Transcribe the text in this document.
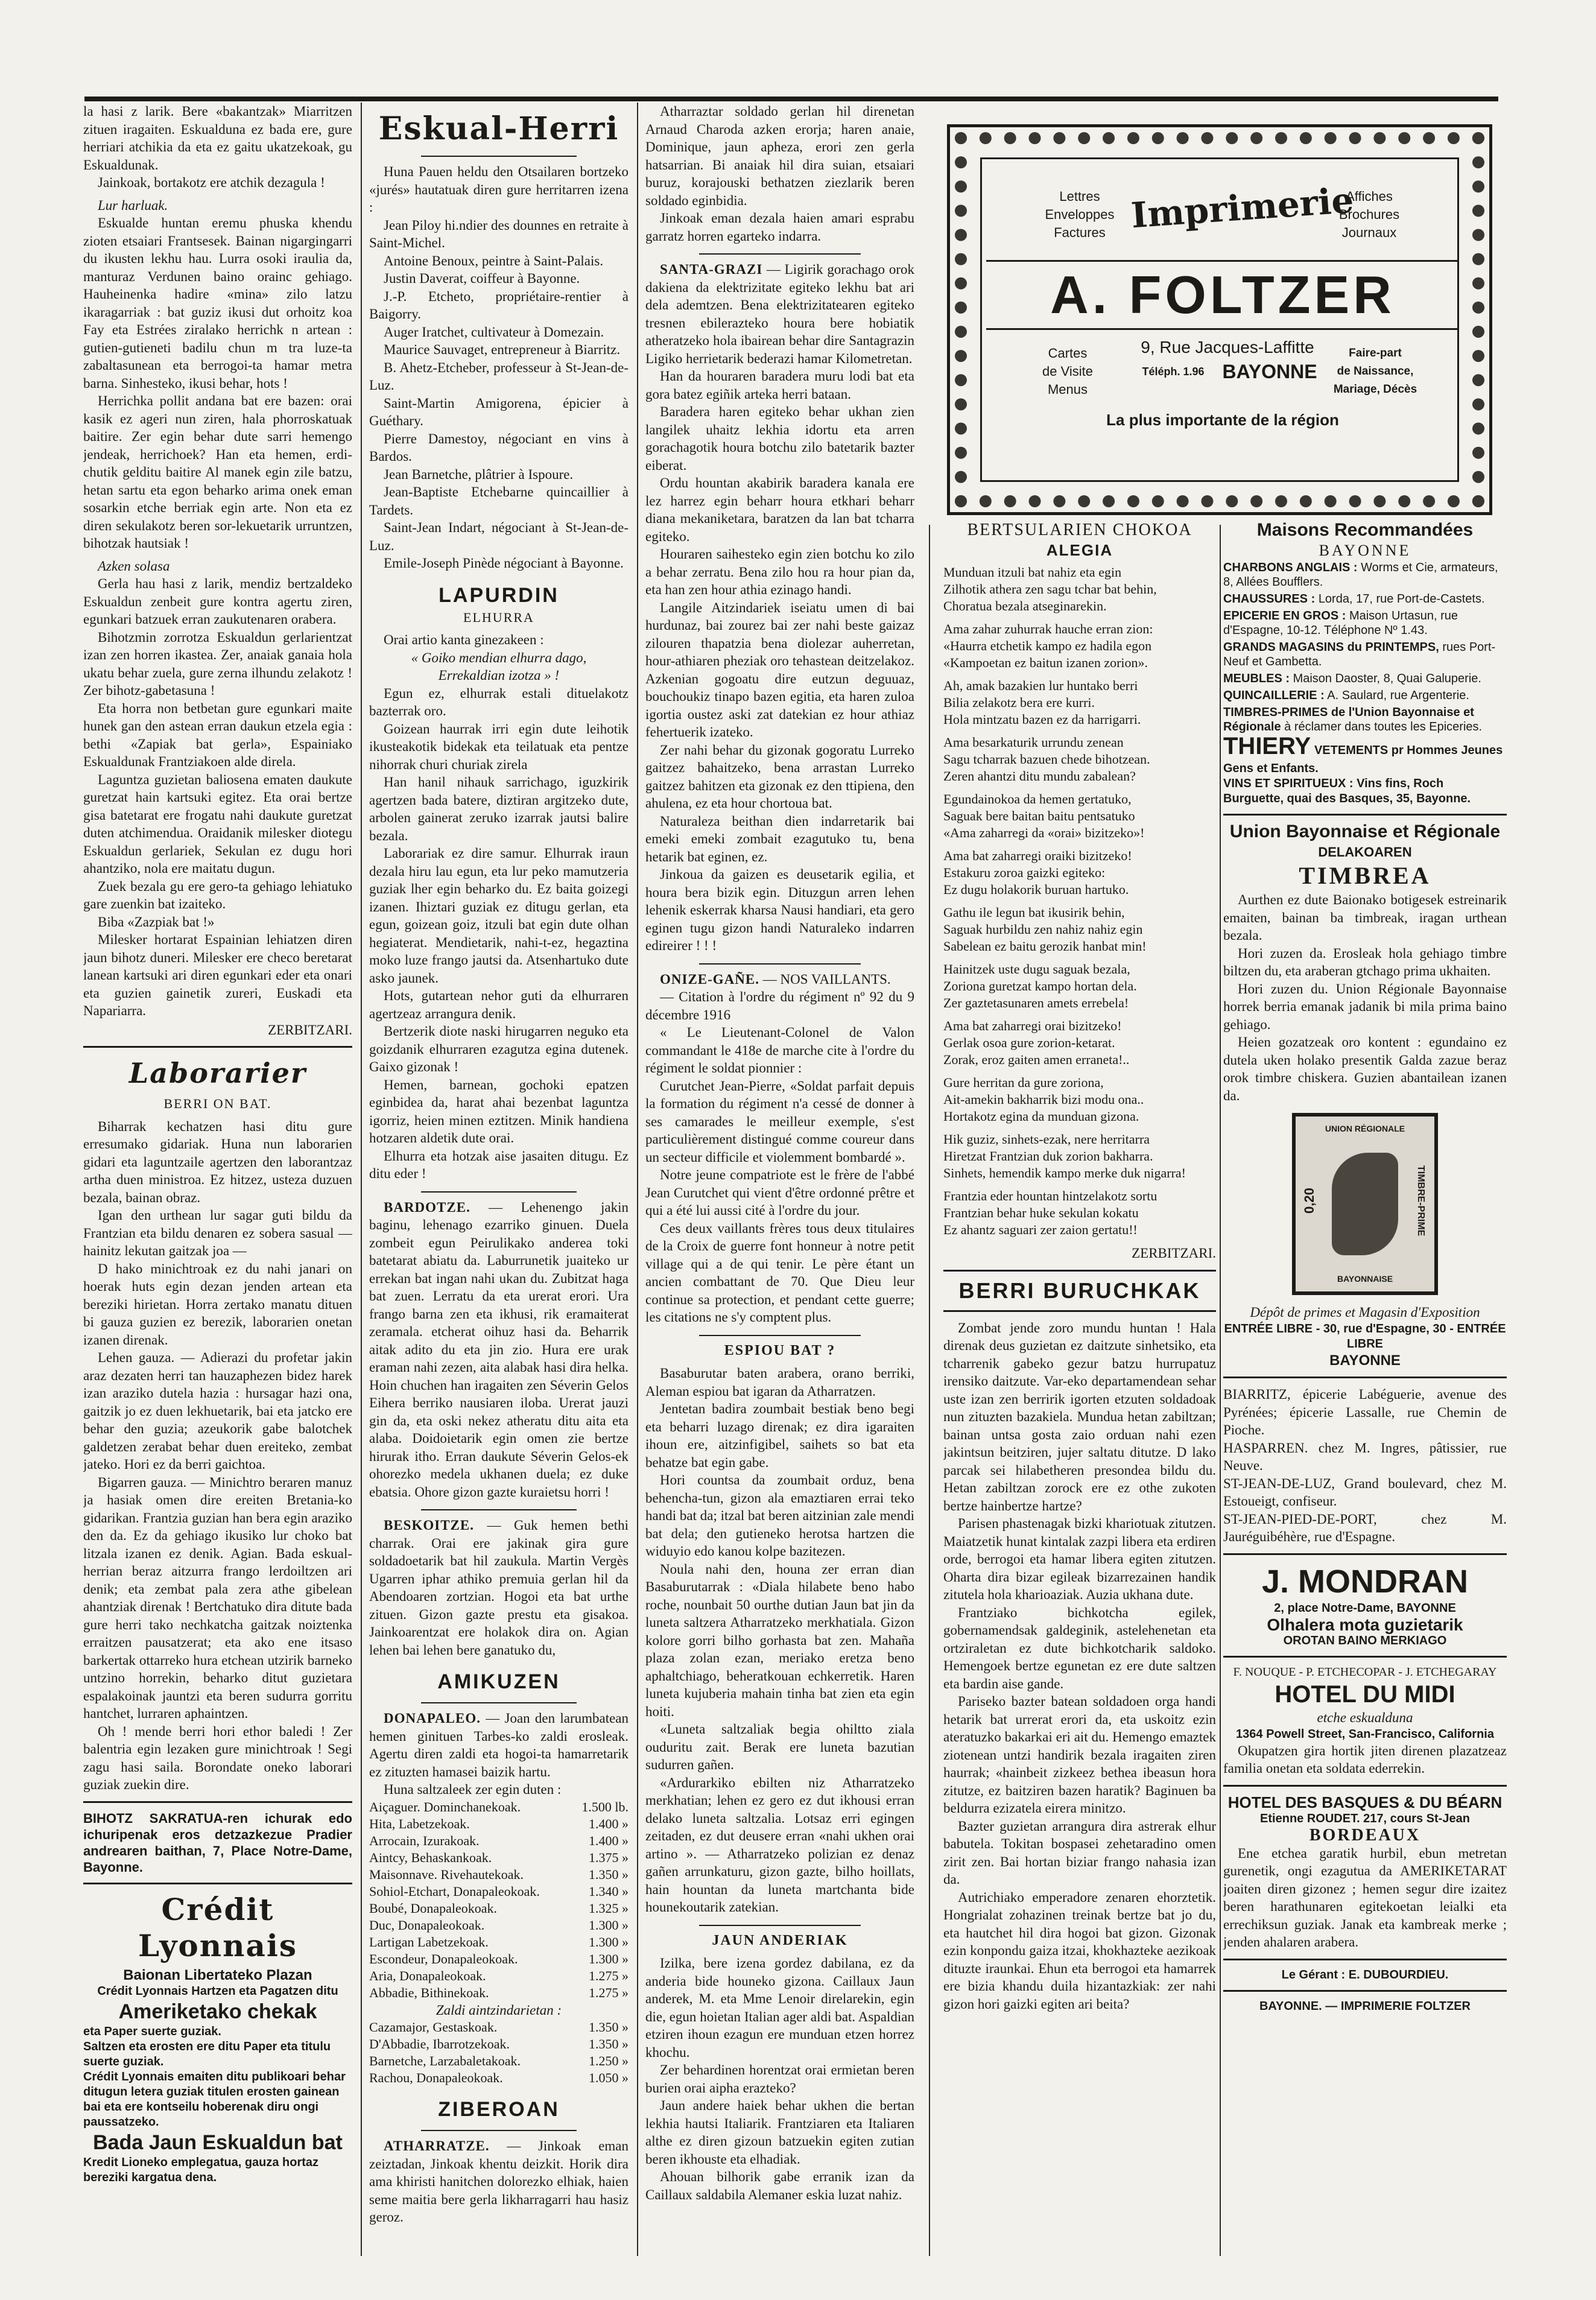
la hasi z larik. Bere «bakantzak» Miarritzen zituen iragaiten. Eskualduna ez bada ere, gure herriari atchikia da eta ez gaitu ukatzekoak, gu Eskualdunak.

Jainkoak, bortakotz ere atchik dezagula !

Lur harluak.

Eskualde huntan eremu phuska khendu zioten etsaiari Frantsesek. Bainan nigargingarri du ikusten lekhu hau. Lurra osoki iraulia da, manturaz Verdunen baino orainc gehiago. Hauheinenka hadire «mina» zilo latzu ikaragarriak : bat guziz ikusi dut orhoitz koa Fay eta Estrées ziralako herrichk n artean : gutien-gutieneti badilu chun m tra luze-ta zabaltasunean eta berrogoi-ta hamar metra barna. Sinhesteko, ikusi behar, hots !

Herrichka pollit andana bat ere bazen: orai kasik ez ageri nun ziren, hala phorroskatuak baitire. Zer egin behar dute sarri hemengo jendeak, herrichoek? Han eta hemen, erdi-chutik gelditu baitire Al manek egin zile batzu, hetan sartu eta egon beharko arima onek eman sosarkin etche berriak egin arte. Non eta ez diren sekulakotz beren sor-lekuetarik urruntzen, bihotzak hautsiak !

Azken solasa

Gerla hau hasi z larik, mendiz bertzaldeko Eskualdun zenbeit gure kontra agertu ziren, egunkari batzuek erran zaukutenaren orabera.

Bihotzmin zorrotza Eskualdun gerlarientzat izan zen horren ikastea. Zer, anaiak ganaia hola ukatu behar zuela, gure zerna ilhundu zelakotz ! Zer bihotz-gabetasuna !

Eta horra non betbetan gure egunkari maite hunek gan den astean erran daukun etzela egia : bethi «Zapiak bat gerla», Espainiako Eskualdunak Frantziakoen alde direla.

Laguntza guzietan baliosena ematen daukute guretzat hain kartsuki egitez. Eta orai bertze gisa batetarat ere frogatu nahi daukute guretzat duten atchimendua. Oraidanik milesker diotegu Eskualdun gerlariek, Sekulan ez dugu hori ahantziko, nola ere maitatu dugun.

Zuek bezala gu ere gero-ta gehiago lehiatuko gare zuenkin bat izaiteko.

Biba «Zazpiak bat !»

Milesker hortarat Espainian lehiatzen diren jaun bihotz duneri. Milesker ere checo beretarat lanean kartsuki ari diren egunkari eder eta onari eta guzien gainetik zureri, Euskadi eta Napariarra.

ZERBITZARI.

Laborarier
BERRI ON BAT.

Biharrak kechatzen hasi ditu gure erresumako gidariak. Huna nun laborarien gidari eta laguntzaile agertzen den laborantzaz artha duen ministroa. Ez hitzez, usteza duzuen bezala, bainan obraz.

Igan den urthean lur sagar guti bildu da Frantzian eta bildu denaren ez sobera sasual — hainitz lekutan gaitzak joa —

D hako minichtroak ez du nahi janari on hoerak huts egin dezan jenden artean eta bereziki hirietan. Horra zertako manatu dituen bi gauza guzien ez berezik, laborarien onetan izanen direnak.

Lehen gauza. — Adierazi du profetar jakin araz dezaten herri tan hauzaphezen bidez harek izan araziko dutela hazia : hursagar hazi ona, gaitzik jo ez duen lekhuetarik, bai eta jatcko ere behar den guzia; azeukorik gabe balotchek galdetzen zerabat behar duen ereiteko, zembat jateko. Hori ez da berri gaichtoa.

Bigarren gauza. — Minichtro beraren manuz ja hasiak omen dire ereiten Bretania-ko gidarikan. Frantzia guzian han bera egin araziko den da. Ez da gehiago ikusiko lur choko bat litzala izanen ez denik. Agian. Bada eskual-herrian beraz aitzurra frango lerdoiltzen ari denik; eta zembat pala zera athe gibelean ahantziak direnak ! Bertchatuko dira ditute bada gure herri tako nechkatcha gaitzak noiztenka erraitzen pausatzerat; eta ako ene itsaso barkertak ottarreko hura etchean utzirik barneko untzino horrekin, beharko ditut guzietara espalakoinak jauntzi eta beren sudurra gorritu hantchet, lurraren aphaintzen.

Oh ! mende berri hori ethor baledi ! Zer balentria egin lezaken gure minichtroak ! Segi zagu hasi saila. Borondate oneko laborari guziak zuekin dire.

BIHOTZ SAKRATUA-ren ichurak edo ichuripenak eros detzazkezue Pradier andrearen baithan, 7, Place Notre-Dame, Bayonne.

Crédit Lyonnais
Baionan Libertateko Plazan
Crédit Lyonnais Hartzen eta Pagatzen ditu
Ameriketako chekak
eta Paper suerte guziak.
Saltzen eta erosten ere ditu Paper eta titulu suerte guziak.
Crédit Lyonnais emaiten ditu publikoari behar ditugun letera guziak titulen erosten gainean bai eta ere kontseilu hoberenak diru ongi paussatzeko.
Bada Jaun Eskualdun bat
Kredit Lioneko emplegatua, gauza hortaz bereziki kargatua dena.
Eskual-Herri

Huna Pauen heldu den Otsailaren bortzeko «jurés» hautatuak diren gure herritarren izena :

Jean Piloy hi.ndier des dounnes en retraite à Saint-Michel.

Antoine Benoux, peintre à Saint-Palais.

Justin Daverat, coiffeur à Bayonne.

J.-P. Etcheto, propriétaire-rentier à Baigorry.

Auger Iratchet, cultivateur à Domezain.

Maurice Sauvaget, entrepreneur à Biarritz.

B. Ahetz-Etcheber, professeur à St-Jean-de-Luz.

Saint-Martin Amigorena, épicier à Guéthary.

Pierre Damestoy, négociant en vins à Bardos.

Jean Barnetche, plâtrier à Ispoure.

Jean-Baptiste Etchebarne quincaillier à Tardets.

Saint-Jean Indart, négociant à St-Jean-de-Luz.

Emile-Joseph Pinède négociant à Bayonne.

LAPURDIN
ELHURRA

Orai artio kanta ginezakeen :

« Goiko mendian elhurra dago,

Errekaldian izotza » !

Egun ez, elhurrak estali dituelakotz bazterrak oro.

Goizean haurrak irri egin dute leihotik ikusteakotik bidekak eta teilatuak eta pentze nihorrak churi churiak zirela

Han hanil nihauk sarrichago, iguzkirik agertzen bada batere, diztiran argitzeko dute, arbolen gainerat zeruko izarrak jautsi balire bezala.

Laborariak ez dire samur. Elhurrak iraun dezala hiru lau egun, eta lur peko mamutzeria guziak lher egin beharko du. Ez baita goizegi izanen. Ihiztari guziak ez ditugu gerlan, eta egun, goizean goiz, itzuli bat egin dute olhan hegiaterat. Mendietarik, nahi-t-ez, hegaztina moko luze frango jautsi da. Atsenhartuko dute asko jaunek.

Hots, gutartean nehor guti da elhurraren agertzeaz arrangura denik.

Bertzerik diote naski hirugarren neguko eta goizdanik elhurraren ezagutza egina dutenek. Gaixo gizonak !

Hemen, barnean, gochoki epatzen eginbidea da, harat ahai bezenbat laguntza igorriz, heien minen eztitzen. Minik handiena hotzaren aldetik dute orai.

Elhurra eta hotzak aise jasaiten ditugu. Ez ditu eder !

BARDOTZE. — Lehenengo jakin baginu, lehenago ezarriko ginuen. Duela zombeit egun Peirulikako anderea toki batetarat abiatu da. Laburrunetik juaiteko ur errekan bat ingan nahi ukan du. Zubitzat haga bat zuen. Lerratu da eta urerat erori. Ura frango barna zen eta ikhusi, rik eramaiterat zeramala. etcherat oihuz hasi da. Beharrik aitak adito du eta jin zio. Hura ere urak eraman nahi zezen, aita alabak hasi dira helka. Hoin chuchen han iragaiten zen Séverin Gelos Eihera berriko nausiaren iloba. Urerat jauzi gin da, eta oski nekez atheratu ditu aita eta alaba. Doidoietarik egin omen zie bertze hirurak itho. Erran daukute Séverin Gelos-ek ohorezko medela ukhanen duela; ez duke ebatsia. Ohore gizon gazte kuraietsu horri !

BESKOITZE. — Guk hemen bethi charrak. Orai ere jakinak gira gure soldadoetarik bat hil zaukula. Martin Vergès Ugarren iphar athiko premuia gerlan hil da Abendoaren zortzian. Hogoi eta bat urthe zituen. Gizon gazte prestu eta gisakoa. Jainkoarentzat ere holakok dira on. Agian lehen bai lehen bere ganatuko du,

AMIKUZEN

DONAPALEO. — Joan den larumbatean hemen ginituen Tarbes-ko zaldi erosleak. Agertu diren zaldi eta hogoi-ta hamarretarik ez zituzten hamasei baizik hartu.

Huna saltzaleek zer egin duten :

Aiçaguer. Dominchanekoak.	1.500 lb.
Hita, Labetzekoak.	1.400 »
Arrocain, Izurakoak.	1.400 »
Aintcy, Behaskankoak.	1.375 »
Maisonnave. Rivehautekoak.	1.350 »
Sohiol-Etchart, Donapaleokoak.	1.340 »
Boubé, Donapaleokoak.	1.325 »
Duc, Donapaleokoak.	1.300 »
Lartigan Labetzekoak.	1.300 »
Escondeur, Donapaleokoak.	1.300 »
Aria, Donapaleokoak.	1.275 »
Abbadie, Bithinekoak.	1.275 »

Zaldi aintzindarietan :

Cazamajor, Gestaskoak.	1.350 »
D'Abbadie, Ibarrotzekoak.	1.350 »
Barnetche, Larzabaletakoak.	1.250 »
Rachou, Donapaleokoak.	1.050 »
ZIBEROAN

ATHARRATZE. — Jinkoak eman zeiztadan, Jinkoak khentu deizkit. Horik dira ama khiristi hanitchen dolorezko elhiak, haien seme maitia bere gerla likharragarri hau hasiz geroz.

Atharraztar soldado gerlan hil direnetan Arnaud Charoda azken erorja; haren anaie, Dominique, jaun apheza, erori zen gerla hatsarrian. Bi anaiak hil dira suian, etsaiari buruz, korajouski bethatzen ziezlarik beren soldado eginbidia.

Jinkoak eman dezala haien amari esprabu garratz horren egarteko indarra.

SANTA-GRAZI — Ligirik gorachago orok dakiena da elektrizitate egiteko lekhu bat ari dela ademtzen. Bena elektrizitatearen egiteko tresnen ebilerazteko houra bere hobiatik atheratzeko hola ibairean behar dire Santagrazin Ligiko herrietarik bederazi hamar Kilometretan.

Han da houraren baradera muru lodi bat eta gora batez egiñik arteka herri bataan.

Baradera haren egiteko behar ukhan zien langilek uhaitz lekhia idortu eta arren gorachagotik houra botchu zilo batetarik bazter eiberat.

Ordu hountan akabirik baradera kanala ere lez harrez egin beharr houra etkhari beharr diana mekaniketara, baratzen da lan bat tcharra egiteko.

Houraren saihesteko egin zien botchu ko zilo a behar zerratu. Bena zilo hou ra hour pian da, eta han zen hour athia ezinago handi.

Langile Aitzindariek iseiatu umen di bai hurdunaz, bai zourez bai zer nahi beste gaizaz zilouren thapatzia bena diolezar auherretan, hour-athiaren pheziak oro tehastean deitzelakoz. Azkenian gogoatu dire eutzun deguuaz, bouchoukiz tinapo bazen egitia, eta haren zuloa igortia oustez aski zat datekian ez hour athiaz fehertuerik izateko.

Zer nahi behar du gizonak gogoratu Lurreko gaitzez bahaitzeko, bena arrastan Lurreko gaitzez bahitzen eta gizonak ez den ttipiena, den ahulena, ez eta hour chortoua bat.

Naturaleza beithan dien indarretarik bai emeki emeki zombait ezagutuko tu, bena hetarik bat eginen, ez.

Jinkoua da gaizen es deusetarik egilia, et houra bera bizik egin. Dituzgun arren lehen lehenik eskerrak kharsa Nausi handiari, eta gero eginen tugu gizon handi Naturaleko indarren edireirer ! ! !

ONIZE-GAÑE. — NOS VAILLANTS.

— Citation à l'ordre du régiment nº 92 du 9 décembre 1916

« Le Lieutenant-Colonel de Valon commandant le 418e de marche cite à l'ordre du régiment le soldat pionnier :

Curutchet Jean-Pierre, «Soldat parfait depuis la formation du régiment n'a cessé de donner à ses camarades le meilleur exemple, s'est particulièrement distingué comme coureur dans un secteur difficile et violemment bombardé ».

Notre jeune compatriote est le frère de l'abbé Jean Curutchet qui vient d'être ordonné prêtre et qui a été lui aussi cité à l'ordre du jour.

Ces deux vaillants frères tous deux titulaires de la Croix de guerre font honneur à notre petit village qui a de qui tenir. Le père étant un ancien combattant de 70. Que Dieu leur continue sa protection, et pendant cette guerre; les citations ne s'y comptent plus.

ESPIOU BAT ?

Basaburutar baten arabera, orano berriki, Aleman espiou bat igaran da Atharratzen.

Jentetan badira zoumbait bestiak beno begi eta beharri luzago direnak; ez dira igaraiten ihoun ere, aitzinfigibel, saihets so bat eta behatze bat egin gabe.

Hori countsa da zoumbait orduz, bena behencha-tun, gizon ala emaztiaren errai teko handi bat da; itzal bat beren aitzinian zale mendi bat dela; den gutieneko herotsa hartzen die widuyio edo kanou kolpe bazitezen.

Noula nahi den, houna zer erran dian Basaburutarrak : «Diala hilabete beno habo roche, nounbait 50 ourthe dutian Jaun bat jin da luneta saltzera Atharratzeko merkhatiala. Gizon kolore gorri bilho gorhasta bat zen. Mahaña plaza zolan ezan, meriako eretza beno aphaltchiago, beheratkouan echkerretik. Haren luneta kujuberia mahain tinha bat zien eta egin hoiti.

«Luneta saltzaliak begia ohiltto ziala ouduritu zait. Berak ere luneta bazutian sudurren gañen.

«Ardurarkiko ebilten niz Atharratzeko merkhatian; lehen ez gero ez dut ikhousi erran delako luneta saltzalia. Lotsaz erri egingen zeitaden, ez dut deusere erran «nahi ukhen orai artino ». — Atharratzeko polizian ez denaz gañen arrunkaturu, gizon gazte, bilho hoillats, hain hountan da luneta martchanta bide hounekoutarik zatekian.

JAUN ANDERIAK

Izilka, bere izena gordez dabilana, ez da anderia bide houneko gizona. Caillaux Jaun anderek, M. eta Mme Lenoir direlarekin, egin die, egun hoietan Italian ager aldi bat. Aspaldian etziren ihoun ezagun ere munduan etzen horrez khochu.

Zer behardinen horentzat orai ermietan beren burien orai aipha erazteko?

Jaun andere haiek behar ukhen die bertan lekhia hautsi Italiarik. Frantziaren eta Italiaren althe ez diren gizoun batzuekin egiten zutian beren ikhouste eta elhadiak.

Ahouan bilhorik gabe erranik izan da Caillaux saldabila Alemaner eskia luzat nahiz.

Lettres
Enveloppes
Factures Imprimerie
Affiches
Brochures
Journaux
A. FOLTZER
Cartes
de Visite
Menus
9, Rue Jacques-Laffitte
Téléph. 1.96 BAYONNE
Faire-part
de Naissance,
Mariage, Décès
La plus importante de la région
BERTSULARIEN CHOKOA
ALEGIA

Munduan itzuli bat nahiz eta egin
Zilhotik athera zen sagu tchar bat behin,
Choratua bezala atseginarekin.

Ama zahar zuhurrak hauche erran zion:
«Haurra etchetik kampo ez hadila egon
«Kampoetan ez baitun izanen zorion».

Ah, amak bazakien lur huntako berri
Bilia zelakotz bera ere kurri.
Hola mintzatu bazen ez da harrigarri.

Ama besarkaturik urrundu zenean
Sagu tcharrak bazuen chede bihotzean.
Zeren ahantzi ditu mundu zabalean?

Egundainokoa da hemen gertatuko,
Saguak bere baitan baitu pentsatuko
«Ama zaharregi da «orai» bizitzeko»!

Ama bat zaharregi oraiki bizitzeko!
Estakuru zoroa gaizki egiteko:
Ez dugu holakorik buruan hartuko.

Gathu ile legun bat ikusirik behin,
Saguak hurbildu zen nahiz nahiz egin
Sabelean ez baitu gerozik hanbat min!

Hainitzek uste dugu saguak bezala,
Zoriona guretzat kampo hortan dela.
Zer gaztetasunaren amets errebela!

Ama bat zaharregi orai bizitzeko!
Gerlak osoa gure zorion-ketarat.
Zorak, eroz gaiten amen erraneta!..

Gure herritan da gure zoriona,
Ait-amekin bakharrik bizi modu ona..
Hortakotz egina da munduan gizona.

Hik guziz, sinhets-ezak, nere herritarra
Hiretzat Frantzian duk zorion bakharra.
Sinhets, hemendik kampo merke duk nigarra!

Frantzia eder hountan hintzelakotz sortu
Frantzian behar huke sekulan kokatu
Ez ahantz saguari zer zaion gertatu!!

ZERBITZARI.

BERRI BURUCHKAK

Zombat jende zoro mundu huntan ! Hala direnak deus guzietan ez daitzute sinhetsiko, eta tcharrenik gabeko gezur batzu hurrupatuz irensiko daitzute. Var-eko departamendean sehar uste izan zen berririk igorten etzuten soldadoak nun zituzten bazakiela. Mundua hetan zabiltzan; bainan untsa gosta zaio orduan nahi ezen jakintsun beitziren, jujer saltatu ditutze. D lako parcak sei hilabetheren presondea bildu du. Hetan zabiltzan zorock ere ez othe zukoten bertze hainbertze hartze?

Parisen phastenagak bizki khariotuak zitutzen. Maiatzetik hunat kintalak zazpi libera eta erdiren orde, berrogoi eta hamar libera egiten zitutzen. Oharta dira bizar egileak bizarrezainen handik zitutela hola kharioaziak. Auzia ukhana dute.

Frantziako bichkotcha egilek, gobernamendsak galdeginik, astelehenetan eta ortziraletan ez dute bichkotcharik saldoko. Hemengoek bertze egunetan ez ere dute saltzen eta bardin aise gande.

Pariseko bazter batean soldadoen orga handi hetarik bat urrerat erori da, eta uskoitz ezin ateratuzko bakarkai eri ait du. Hemengo emaztek ziotenean untzi handirik bezala iragaiten ziren haurrak; «hainbeit zizkeez bethea ibeasun hora zitutze, ez baitziren bazen haratik? Baginuen ba beldurra ezizatela eirera minitzo.

Bazter guzietan arrangura dira astrerak elhur babutela. Tokitan bospasei zehetaradino omen zirit zen. Bai hortan biziar frango nahasia izan da.

Autrichiako emperadore zenaren ehorztetik. Hongrialat zohazinen treinak bertze bat jo du, eta hautchet hil dira hogoi bat gizon. Gizonak ezin konpondu gaiza itzai, khokhazteke aezikoak dituzte iraunkai. Ehun eta berrogoi eta hamarrek ere bizia khandu duila hizantazkiak: zer nahi gizon hori gaizki egiten ari beita?

Maisons Recommandées
BAYONNE
CHARBONS ANGLAIS : Worms et Cie, armateurs, 8, Allées Boufflers.
CHAUSSURES : Lorda, 17, rue Port-de-Castets.
EPICERIE EN GROS : Maison Urtasun, rue d'Espagne, 10-12. Téléphone Nº 1.43.
GRANDS MAGASINS du PRINTEMPS, rues Port-Neuf et Gambetta.
MEUBLES : Maison Daoster, 8, Quai Galuperie.
QUINCAILLERIE : A. Saulard, rue Argenterie.
TIMBRES-PRIMES de l'Union Bayonnaise et Régionale à réclamer dans toutes les Epiceries.
THIERY VETEMENTS pr Hommes Jeunes Gens et Enfants.
VINS ET SPIRITUEUX : Vins fins, Roch Burguette, quai des Basques, 35, Bayonne.
Union Bayonnaise et Régionale
DELAKOAREN
TIMBREA

Aurthen ez dute Baionako botigesek estreinarik emaiten, bainan ba timbreak, iragan urthean bezala.

Hori zuzen da. Erosleak hola gehiago timbre biltzen du, eta araberan gtchago prima ukhaiten.

Hori zuzen du. Union Régionale Bayonnaise horrek berria emanak jadanik bi mila prima baino gehiago.

Heien gozatzeak oro kontent : egundaino ez dutela uken holako presentik Galda zazue beraz orok timbre chiskera. Guzien abantailean izanen da.

UNION RÉGIONALE
0,20	TIMBRE-PRIME
BAYONNAISE

Dépôt de primes et Magasin d'Exposition

ENTRÉE LIBRE - 30, rue d'Espagne, 30 - ENTRÉE LIBRE

BAYONNE

BIARRITZ, épicerie Labéguerie, avenue des Pyrénées; épicerie Lassalle, rue Chemin de Pioche.

HASPARREN. chez M. Ingres, pâtissier, rue Neuve.

ST-JEAN-DE-LUZ, Grand boulevard, chez M. Estoueigt, confiseur.

ST-JEAN-PIED-DE-PORT, chez M. Jauréguibéhère, rue d'Espagne.

J. MONDRAN
2, place Notre-Dame, BAYONNE
Olhalera mota guzietarik
OROTAN BAINO MERKIAGO
F. NOUQUE - P. ETCHECOPAR - J. ETCHEGARAY
HOTEL DU MIDI
etche eskualduna
1364 Powell Street, San-Francisco, California

Okupatzen gira hortik jiten direnen plazatzeaz familia onetan eta soldata ederrekin.

HOTEL DES BASQUES & DU BÉARN
Etienne ROUDET. 217, cours St-Jean
BORDEAUX

Ene etchea garatik hurbil, ebun metretan gurenetik, ongi ezagutua da AMERIKETARAT joaiten diren gizonez ; hemen segur dire izaitez beren harathunaren egitekoetan leialki eta errechiksun guziak. Janak eta kambreak merke ; jenden ahalaren arabera.

Le Gérant : E. DUBOURDIEU.

BAYONNE. — IMPRIMERIE FOLTZER
